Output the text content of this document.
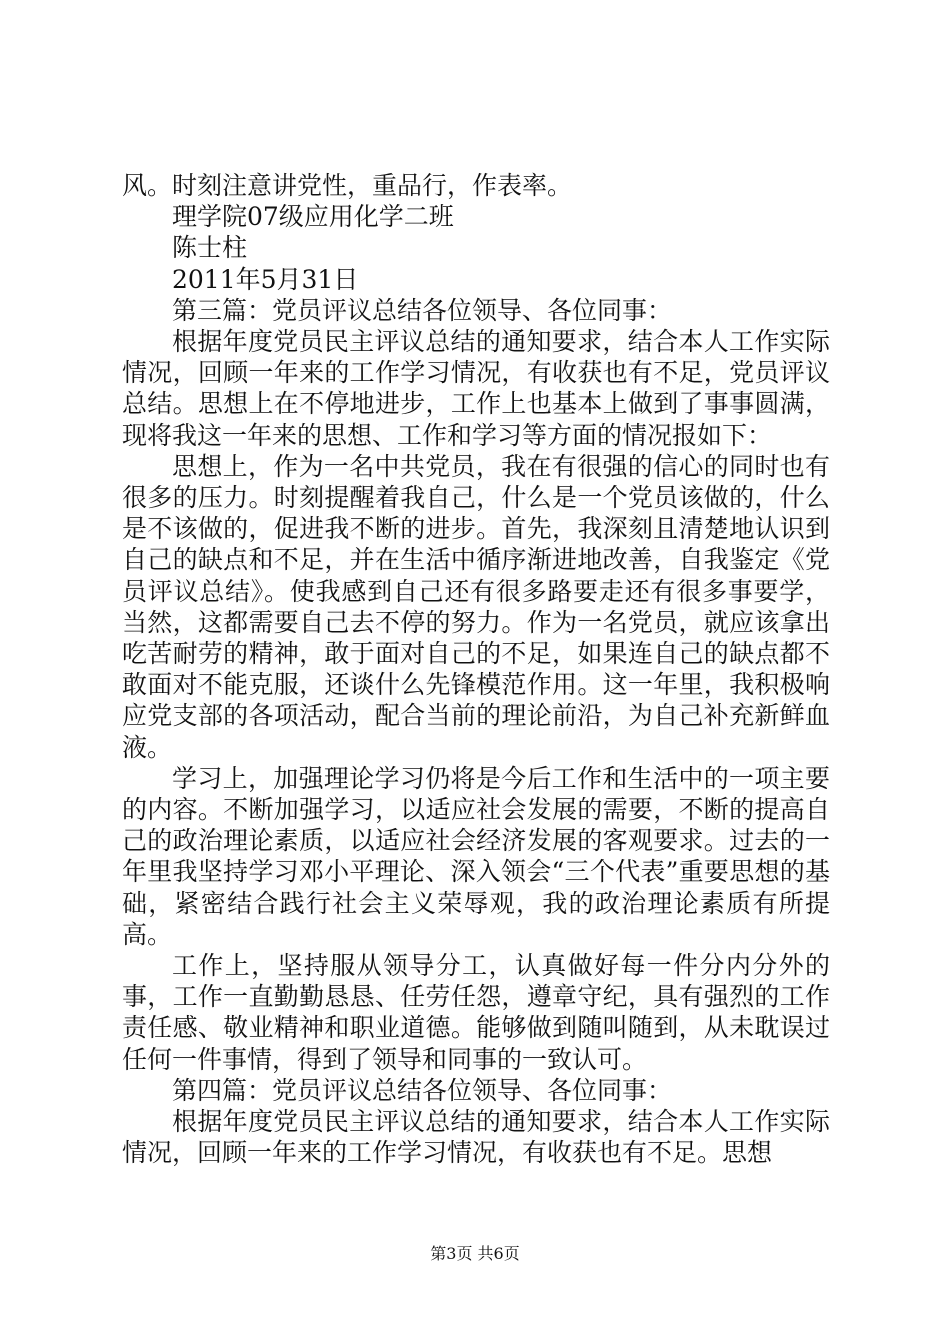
风。时刻注意讲党性，重品行，作表率。

理学院07级应用化学二班

陈士柱

2011年5月31日

第三篇：党员评议总结各位领导、各位同事：

根据年度党员民主评议总结的通知要求，结合本人工作实际情况，回顾一年来的工作学习情况，有收获也有不足，党员评议总结。思想上在不停地进步，工作上也基本上做到了事事圆满，现将我这一年来的思想、工作和学习等方面的情况报如下：

思想上，作为一名中共党员，我在有很强的信心的同时也有很多的压力。时刻提醒着我自己，什么是一个党员该做的，什么是不该做的，促进我不断的进步。首先，我深刻且清楚地认识到自己的缺点和不足，并在生活中循序渐进地改善，自我鉴定《党员评议总结》。使我感到自己还有很多路要走还有很多事要学，当然，这都需要自己去不停的努力。作为一名党员，就应该拿出吃苦耐劳的精神，敢于面对自己的不足，如果连自己的缺点都不敢面对不能克服，还谈什么先锋模范作用。这一年里，我积极响应党支部的各项活动，配合当前的理论前沿，为自己补充新鲜血液。

学习上，加强理论学习仍将是今后工作和生活中的一项主要的内容。不断加强学习，以适应社会发展的需要，不断的提高自己的政治理论素质，以适应社会经济发展的客观要求。过去的一年里我坚持学习邓小平理论、深入领会“三个代表”重要思想的基础，紧密结合践行社会主义荣辱观，我的政治理论素质有所提高。

工作上，坚持服从领导分工，认真做好每一件分内分外的事，工作一直勤勤恳恳、任劳任怨，遵章守纪，具有强烈的工作责任感、敬业精神和职业道德。能够做到随叫随到，从未耽误过任何一件事情，得到了领导和同事的一致认可。

第四篇：党员评议总结各位领导、各位同事：

根据年度党员民主评议总结的通知要求，结合本人工作实际情况，回顾一年来的工作学习情况，有收获也有不足。思想

第3页 共6页
